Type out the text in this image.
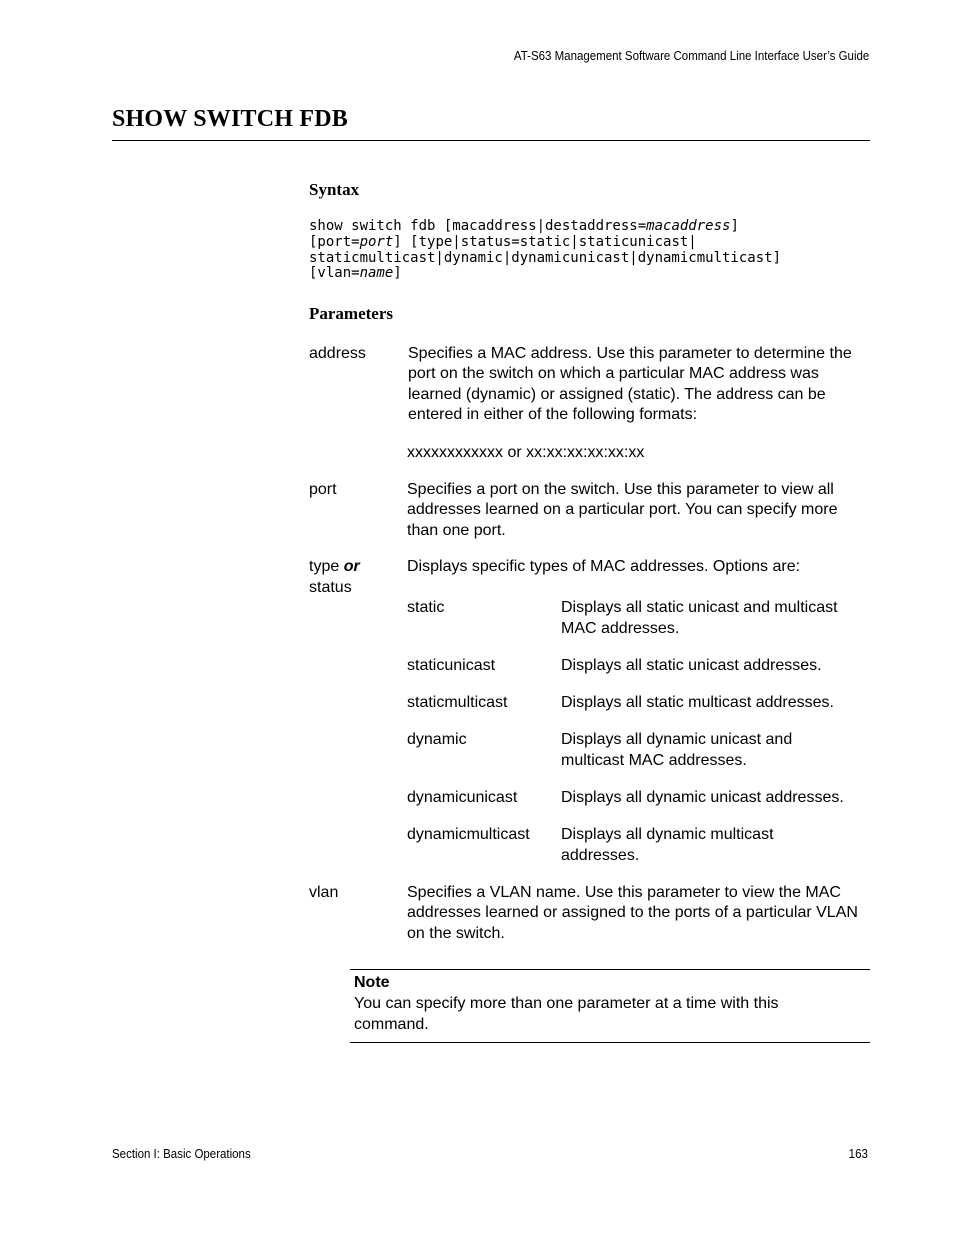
AT-S63 Management Software Command Line Interface User’s Guide
SHOW SWITCH FDB
Syntax
show switch fdb [macaddress|destaddress=macaddress]
[port=port] [type|status=static|staticunicast|
staticmulticast|dynamic|dynamicunicast|dynamicmulticast]
[vlan=name]
Parameters
address	Specifies a MAC address. Use this parameter to determine the port on the switch on which a particular MAC address was learned (dynamic) or assigned (static). The address can be entered in either of the following formats:
xxxxxxxxxxxx or xx:xx:xx:xx:xx:xx
port	Specifies a port on the switch. Use this parameter to view all addresses learned on a particular port. You can specify more than one port.
type or
status
Displays specific types of MAC addresses. Options are:
static	Displays all static unicast and multicast MAC addresses.
staticunicast	Displays all static unicast addresses.
staticmulticast	Displays all static multicast addresses.
dynamic	Displays all dynamic unicast and multicast MAC addresses.
dynamicunicast	Displays all dynamic unicast addresses.
dynamicmulticast Displays all dynamic multicast addresses.
vlan	Specifies a VLAN name. Use this parameter to view the MAC addresses learned or assigned to the ports of a particular VLAN on the switch.
Note
You can specify more than one parameter at a time with this command.
Section I: Basic Operations	163
